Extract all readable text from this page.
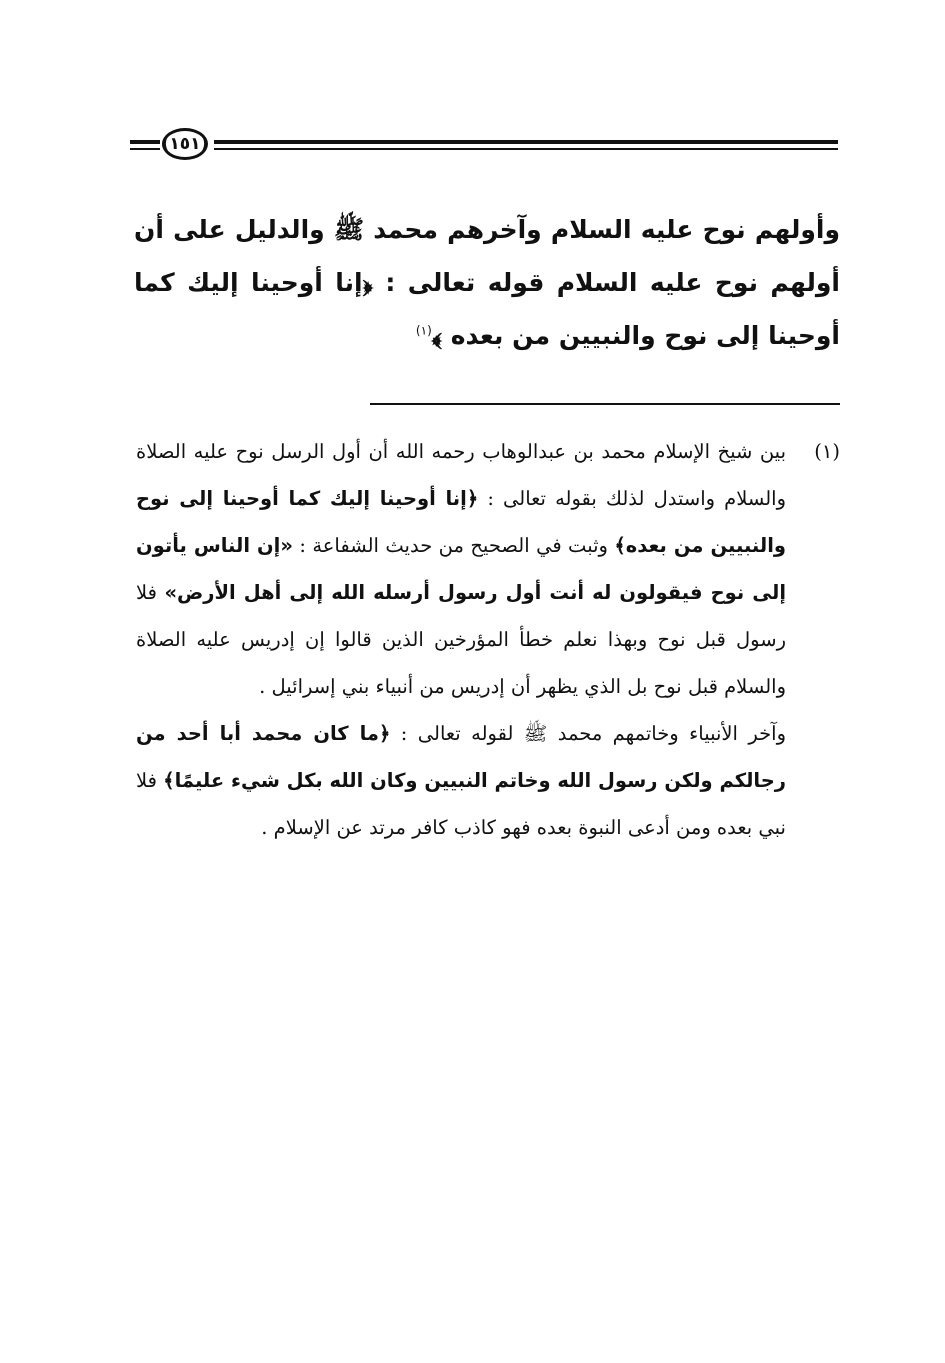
(١٥١)
وأولهم نوح عليه السلام وآخرهم محمد ﷺ والدليل على أن أولهم نوح عليه السلام قوله تعالى : ﴿إنا أوحينا إليك كما أوحينا إلى نوح والنبيين من بعده ﴾$^{(١)}$
(١)

بين شيخ الإسلام محمد بن عبدالوهاب رحمه الله أن أول الرسل نوح عليه الصلاة والسلام واستدل لذلك بقوله تعالى : ﴿إنا أوحينا إليك كما أوحينا إلى نوح والنبيين من بعده﴾ وثبت في الصحيح من حديث الشفاعة : «إن الناس يأتون إلى نوح فيقولون له أنت أول رسول أرسله الله إلى أهل الأرض» فلا رسول قبل نوح وبهذا نعلم خطأ المؤرخين الذين قالوا إن إدريس عليه الصلاة والسلام قبل نوح بل الذي يظهر أن إدريس من أنبياء بني إسرائيل .

وآخر الأنبياء وخاتمهم محمد ﷺ لقوله تعالى : ﴿ما كان محمد أبا أحد من رجالكم ولكن رسول الله وخاتم النبيين وكان الله بكل شيء عليمًا﴾ فلا نبي بعده ومن أدعى النبوة بعده فهو كاذب كافر مرتد عن الإسلام .
